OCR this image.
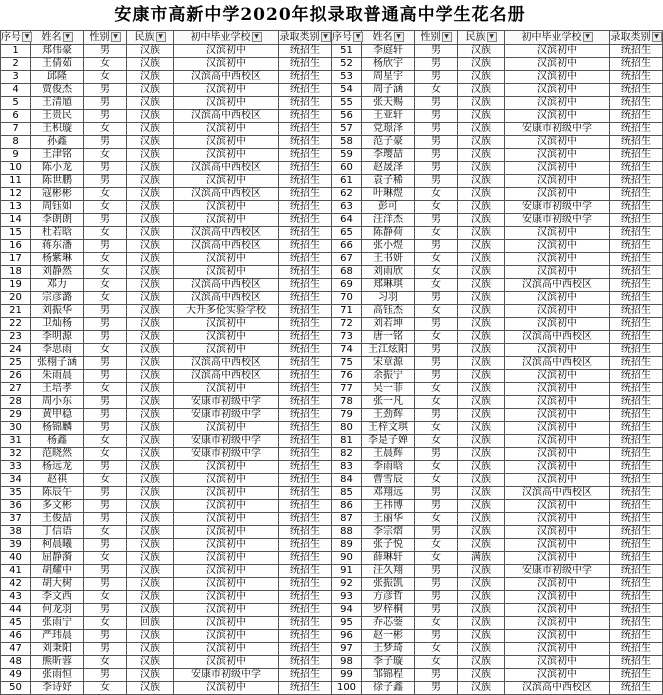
安康市高新中学2020年拟录取普通高中学生花名册
序号 ▼	姓名 ▼	性别 ▼	民族 ▼	初中毕业学校 ▼	录取类别 ▼	序号 ▼	姓名 ▼	性别 ▼	民族 ▼	初中毕业学校 ▼	录取类别 ▼
1	郑伟豪	男	汉族	汉滨初中	统招生	51	李庭轩	男	汉族	汉滨初中	统招生
2	王倩茹	女	汉族	汉滨初中	统招生	52	杨欣宇	男	汉族	汉滨初中	统招生
3	邱隆	女	汉族	汉滨高中西校区	统招生	53	周星宇	男	汉族	汉滨初中	统招生
4	贾俊杰	男	汉族	汉滨初中	统招生	54	周子涵	女	汉族	汉滨初中	统招生
5	王清馗	男	汉族	汉滨初中	统招生	55	张天赐	男	汉族	汉滨初中	统招生
6	王贵民	男	汉族	汉滨高中西校区	统招生	56	王亚轩	男	汉族	汉滨初中	统招生
7	王积璇	女	汉族	汉滨初中	统招生	57	党璟泽	男	汉族	安康市初级中学	统招生
8	孙鑫	男	汉族	汉滨初中	统招生	58	范子豪	男	汉族	汉滨初中	统招生
9	王津铭	女	汉族	汉滨初中	统招生	59	李璎喆	男	汉族	汉滨初中	统招生
10	陈小龙	男	汉族	汉滨高中西校区	统招生	60	赵晟泽	男	汉族	汉滨初中	统招生
11	陈世鹏	男	汉族	汉滨初中	统招生	61	袁子稀	男	汉族	汉滨初中	统招生
12	寇彬彬	女	汉族	汉滨高中西校区	统招生	62	叶琳煜	女	汉族	汉滨初中	统招生
13	周钰如	女	汉族	汉滨初中	统招生	63	彭可	女	汉族	安康市初级中学	统招生
14	李朗朗	男	汉族	汉滨初中	统招生	64	汪洋杰	男	汉族	安康市初级中学	统招生
15	杜若晗	女	汉族	汉滨高中西校区	统招生	65	陈静荷	女	汉族	汉滨初中	统招生
16	蒋东潘	男	汉族	汉滨高中西校区	统招生	66	张小煜	男	汉族	汉滨初中	统招生
17	杨紫琳	女	汉族	汉滨初中	统招生	67	王书妍	女	汉族	汉滨初中	统招生
18	刘静然	女	汉族	汉滨初中	统招生	68	刘雨欣	女	汉族	汉滨初中	统招生
19	邓力	女	汉族	汉滨高中西校区	统招生	69	郑琳琪	女	汉族	汉滨高中西校区	统招生
20	宗彦潞	女	汉族	汉滨高中西校区	统招生	70	习羽	男	汉族	汉滨初中	统招生
21	刘振华	男	汉族	大升多伦实验学校	统招生	71	高钰杰	女	汉族	汉滨初中	统招生
22	卫灿杨	男	汉族	汉滨初中	统招生	72	刘若坤	男	汉族	汉滨初中	统招生
23	李明源	男	汉族	汉滨初中	统招生	73	唐一铭	女	汉族	汉滨高中西校区	统招生
24	李思雨	女	汉族	汉滨初中	统招生	74	王江炫阳	男	汉族	汉滨初中	统招生
25	张栩子涵	男	汉族	汉滨高中西校区	统招生	75	宋章源	男	汉族	汉滨高中西校区	统招生
26	朱雨晨	男	汉族	汉滨高中西校区	统招生	76	余振宁	男	汉族	汉滨初中	统招生
27	王培孝	女	汉族	汉滨初中	统招生	77	吴一菲	女	汉族	汉滨初中	统招生
28	周小东	男	汉族	安康市初级中学	统招生	78	张一凡	女	汉族	汉滨初中	统招生
29	黄甲稳	男	汉族	安康市初级中学	统招生	79	王劲辉	男	汉族	汉滨初中	统招生
30	杨锦麟	男	汉族	汉滨初中	统招生	80	王梓文琪	女	汉族	汉滨初中	统招生
31	杨鑫	女	汉族	安康市初级中学	统招生	81	李是子婵	女	汉族	汉滨初中	统招生
32	范晓然	女	汉族	安康市初级中学	统招生	82	王晨辉	男	汉族	汉滨初中	统招生
33	杨远龙	男	汉族	汉滨初中	统招生	83	李雨晗	女	汉族	汉滨初中	统招生
34	赵祺	女	汉族	汉滨初中	统招生	84	曹雪辰	女	汉族	汉滨初中	统招生
35	陈辰午	男	汉族	汉滨初中	统招生	85	邓翔远	男	汉族	汉滨高中西校区	统招生
36	多文彬	男	汉族	汉滨初中	统招生	86	王祎博	男	汉族	汉滨初中	统招生
37	王俊喆	男	汉族	汉滨初中	统招生	87	王丽华	女	汉族	汉滨初中	统招生
38	丁信语	女	汉族	汉滨初中	统招生	88	李宗熠	男	汉族	汉滨初中	统招生
39	柯晨曦	男	汉族	汉滨初中	统招生	89	张子悦	女	汉族	汉滨初中	统招生
40	屈静漪	女	汉族	汉滨初中	统招生	90	薛琳轩	女	满族	汉滨初中	统招生
41	胡耀中	男	汉族	汉滨初中	统招生	91	汪久翔	男	汉族	安康市初级中学	统招生
42	胡大树	男	汉族	汉滨初中	统招生	92	张振凯	男	汉族	汉滨初中	统招生
43	李文西	女	汉族	汉滨初中	统招生	93	方彦哲	男	汉族	汉滨初中	统招生
44	何龙羽	男	汉族	汉滨初中	统招生	94	罗梓桐	男	汉族	汉滨初中	统招生
45	张雨宁	女	回族	汉滨初中	统招生	95	乔芯蓥	女	汉族	汉滨初中	统招生
46	严玮晨	男	汉族	汉滨初中	统招生	96	赵一彬	男	汉族	汉滨初中	统招生
47	刘秉阳	男	汉族	汉滨初中	统招生	97	王梦琦	女	汉族	汉滨初中	统招生
48	熊昕蓉	女	汉族	汉滨初中	统招生	98	李子璇	女	汉族	汉滨初中	统招生
49	张雨恒	男	汉族	安康市初级中学	统招生	99	邹锦程	男	汉族	汉滨初中	统招生
50	李诗妤	女	汉族	汉滨初中	统招生	100	徐子鑫	男	汉族	汉滨高中西校区	统招生
